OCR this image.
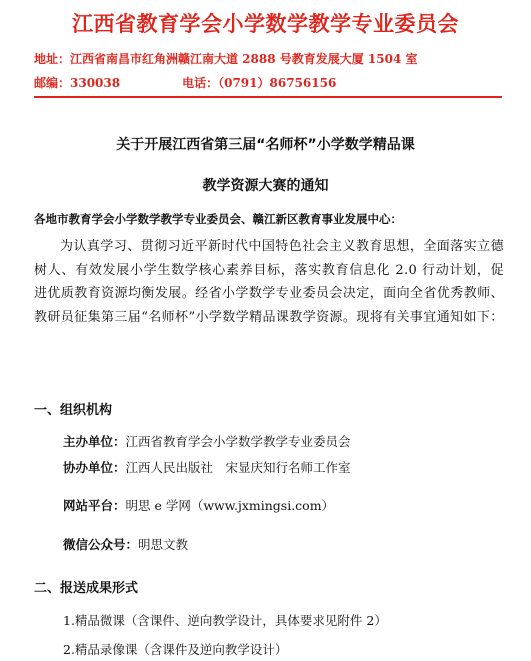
江西省教育学会小学数学教学专业委员会
地址：江西省南昌市红角洲赣江南大道 2888 号教育发展大厦 1504 室
邮编：330038	电话：（0791）86756156
关于开展江西省第三届“名师杯”小学数学精品课
教学资源大赛的通知
各地市教育学会小学数学教学专业委员会、赣江新区教育事业发展中心：

为认真学习、贯彻习近平新时代中国特色社会主义教育思想，全面落实立德树人、有效发展小学生数学核心素养目标，落实教育信息化 2.0 行动计划，促进优质教育资源均衡发展。经省小学数学专业委员会决定，面向全省优秀教师、教研员征集第三届“名师杯”小学数学精品课教学资源。现将有关事宜通知如下：

一、组织机构
主办单位：江西省教育学会小学数学教学专业委员会
协办单位：江西人民出版社　宋显庆知行名师工作室
网站平台：明思 e 学网（www.jxmingsi.com）
微信公众号：明思文教
二、报送成果形式
1.精品微课（含课件、逆向教学设计，具体要求见附件 2）
2.精品录像课（含课件及逆向教学设计）
